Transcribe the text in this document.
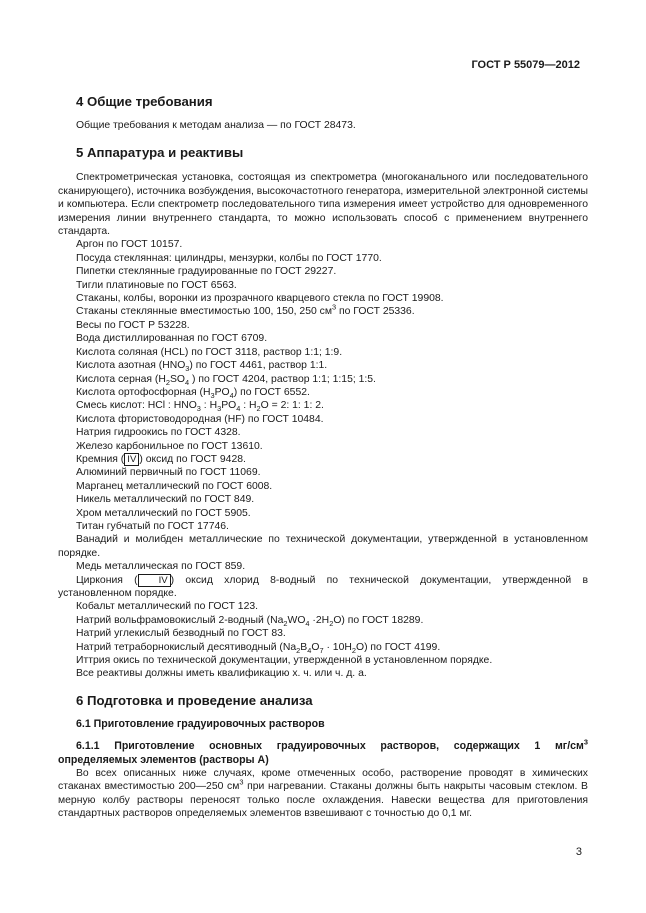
ГОСТ Р 55079—2012
4 Общие требования

Общие требования к методам анализа — по ГОСТ 28473.

5 Аппаратура и реактивы

Спектрометрическая установка, состоящая из спектрометра (многоканального или последовательного сканирующего), источника возбуждения, высокочастотного генератора, измерительной электронной системы и компьютера. Если спектрометр последовательного типа измерения имеет устройство для одновременного измерения линии внутреннего стандарта, то можно использовать способ с применением внутреннего стандарта.

Аргон по ГОСТ 10157.

Посуда стеклянная: цилиндры, мензурки, колбы по ГОСТ 1770.

Пипетки стеклянные градуированные по ГОСТ 29227.

Тигли платиновые по ГОСТ 6563.

Стаканы, колбы, воронки из прозрачного кварцевого стекла по ГОСТ 19908.

Стаканы стеклянные вместимостью 100, 150, 250 $см^3$ по ГОСТ 25336.

Весы по ГОСТ Р 53228.

Вода дистиллированная по ГОСТ 6709.

Кислота соляная (HCL) по ГОСТ 3118, раствор 1:1; 1:9.

Кислота азотная $(HNO_3)$ по ГОСТ 4461, раствор 1:1.

Кислота серная ($H_2SO_4$ ) по ГОСТ 4204, раствор 1:1; 1:15; 1:5.

Кислота ортофосфорная $(H_3PO_4)$ по ГОСТ 6552.

Смесь кислот: HCl : $HNO_3$ : $H_3PO_4$ : $H_2O = 2$: 1: 1: 2.

Кислота фтористоводородная (HF) по ГОСТ 10484.

Натрия гидроокись по ГОСТ 4328.

Железо карбонильное по ГОСТ 13610.

Кремния ( IV ) оксид по ГОСТ 9428.

Алюминий первичный по ГОСТ 11069.

Марганец металлический по ГОСТ 6008.

Никель металлический по ГОСТ 849.

Хром металлический по ГОСТ 5905.

Титан губчатый по ГОСТ 17746.

Ванадий и молибден металлические по технической документации, утвержденной в установленном порядке.

Медь металлическая по ГОСТ 859.

Циркония ( IV ) оксид хлорид 8-водный по технической документации, утвержденной в установленном порядке.

Кобальт металлический по ГОСТ 123.

Натрий вольфрамовокислый 2-водный $(Na_2WO_4 \cdot 2H_2O)$ по ГОСТ 18289.

Натрий углекислый безводный по ГОСТ 83.

Натрий тетраборнокислый десятиводный $(Na_2B_4O_7 \cdot 10H_2O)$ по ГОСТ 4199.

Иттрия окись по технической документации, утвержденной в установленном порядке.

Все реактивы должны иметь квалификацию х. ч. или ч. д. а.

6 Подготовка и проведение анализа
6.1 Приготовление градуировочных растворов
6.1.1 Приготовление основных градуировочных растворов, содержащих 1 $мг/см^3$ определяемых элементов (растворы А)

Во всех описанных ниже случаях, кроме отмеченных особо, растворение проводят в химических стаканах вместимостью 200—250 $см^3$ при нагревании. Стаканы должны быть накрыты часовым стеклом. В мерную колбу растворы переносят только после охлаждения. Навески вещества для приготовления стандартных растворов определяемых элементов взвешивают с точностью до 0,1 мг.

3
